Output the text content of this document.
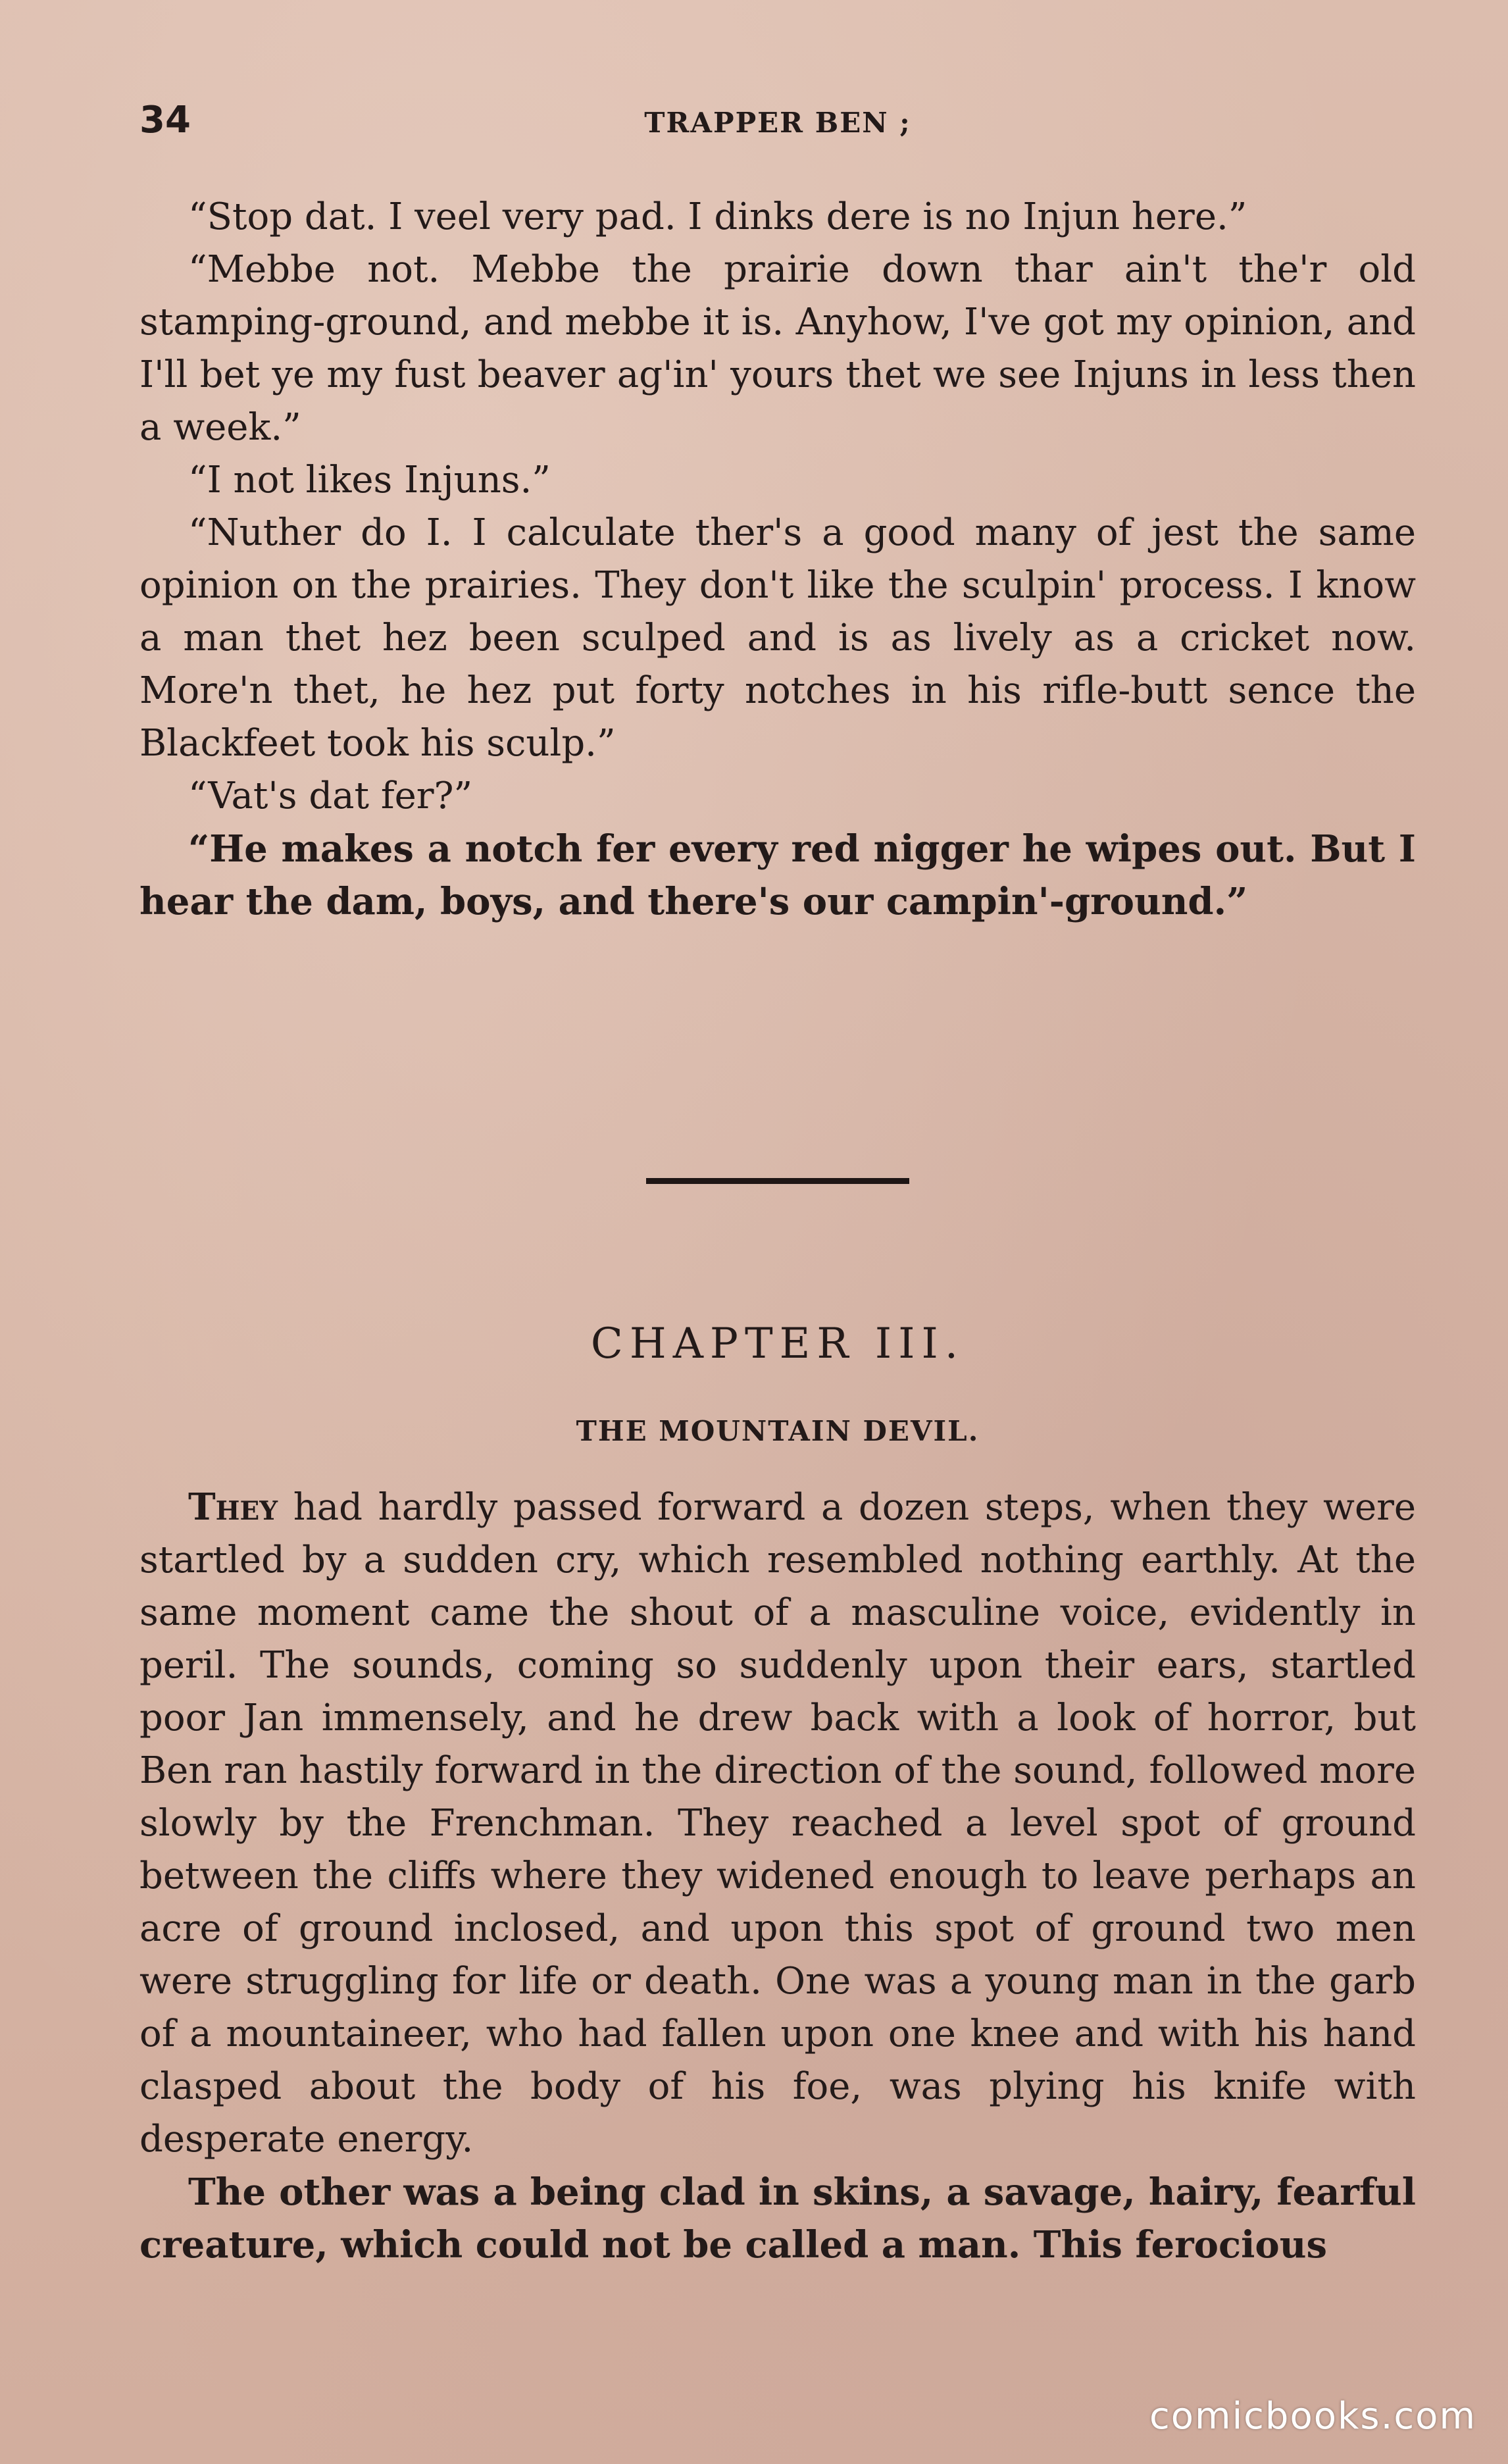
34	TRAPPER BEN ;

“Stop dat. I veel very pad. I dinks dere is no Injun here.”

“Mebbe not. Mebbe the prairie down thar ain't the'r old stamping-ground, and mebbe it is. Anyhow, I've got my opinion, and I'll bet ye my fust beaver ag'in' yours thet we see Injuns in less then a week.”

“I not likes Injuns.”

“Nuther do I. I calculate ther's a good many of jest the same opinion on the prairies. They don't like the sculpin' process. I know a man thet hez been sculped and is as lively as a cricket now. More'n thet, he hez put forty notches in his rifle-butt sence the Blackfeet took his sculp.”

“Vat's dat fer?”

“He makes a notch fer every red nigger he wipes out. But I hear the dam, boys, and there's our campin'-ground.”

CHAPTER III.
THE MOUNTAIN DEVIL.

They had hardly passed forward a dozen steps, when they were startled by a sudden cry, which resembled nothing earthly. At the same moment came the shout of a masculine voice, evidently in peril. The sounds, coming so suddenly upon their ears, startled poor Jan immensely, and he drew back with a look of horror, but Ben ran hastily forward in the direction of the sound, followed more slowly by the Frenchman. They reached a level spot of ground between the cliffs where they widened enough to leave perhaps an acre of ground inclosed, and upon this spot of ground two men were struggling for life or death. One was a young man in the garb of a mountaineer, who had fallen upon one knee and with his hand clasped about the body of his foe, was plying his knife with desperate energy.

The other was a being clad in skins, a savage, hairy, fearful creature, which could not be called a man. This ferocious

comicbooks.com
